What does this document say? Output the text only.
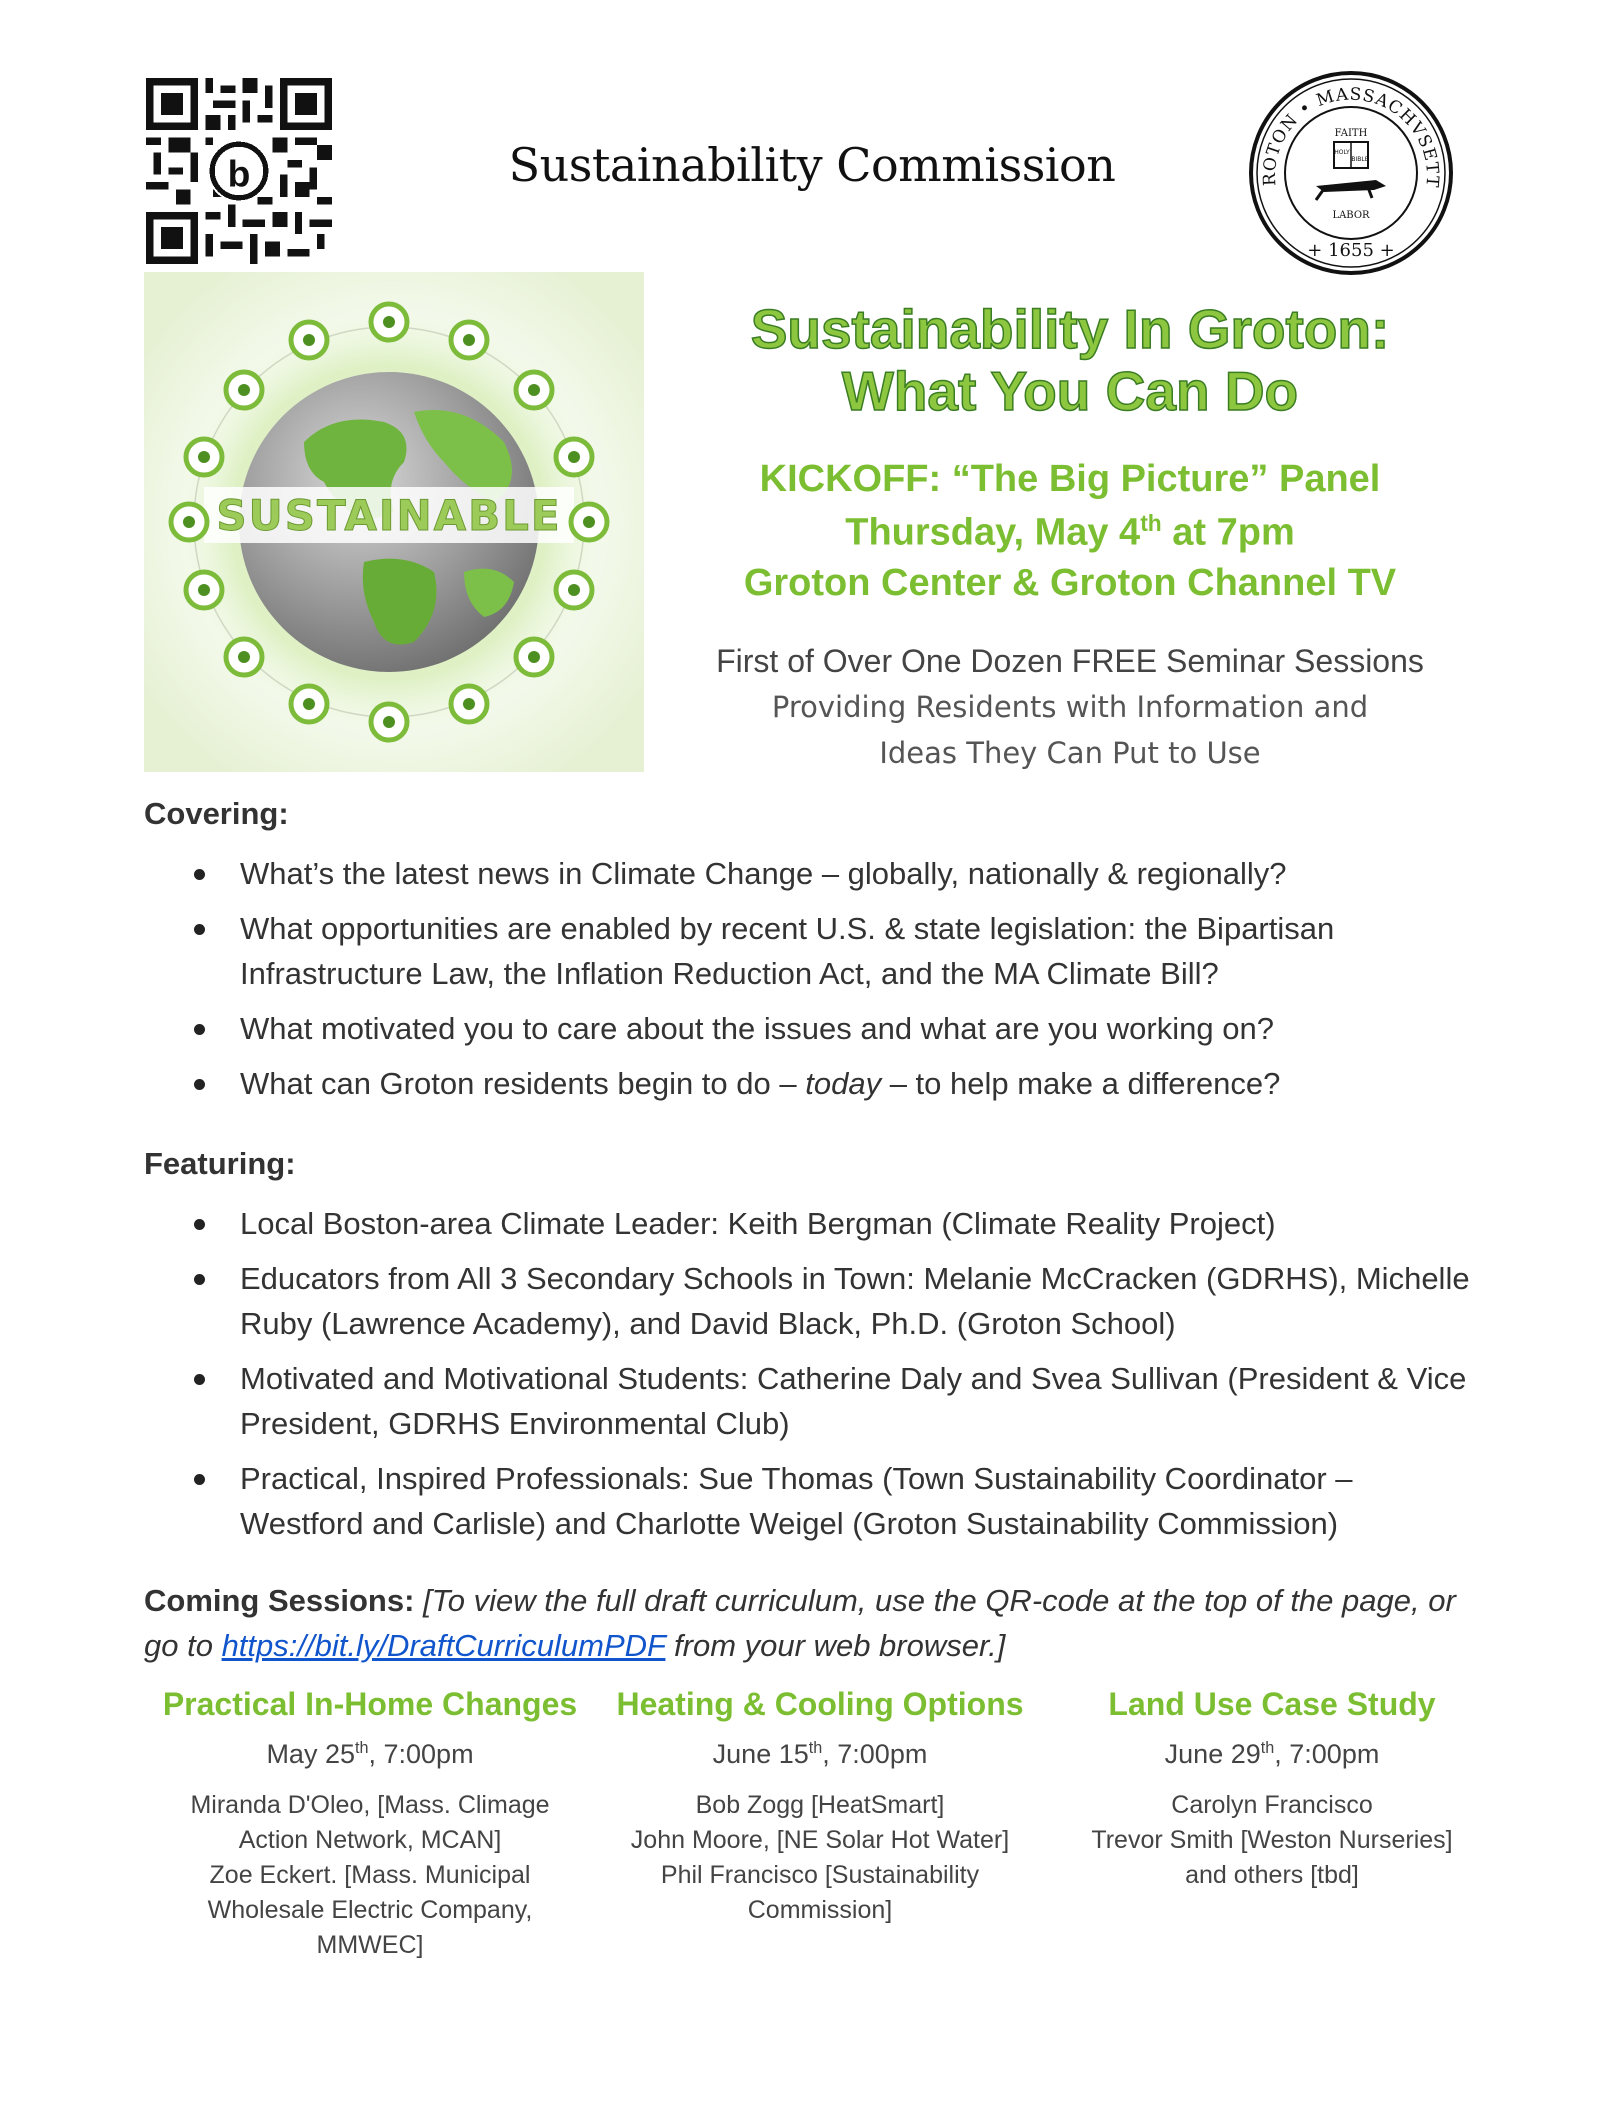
b	Sustainability Commission	ROTON • MASSACHVSETT
FAITH
HOLY
BIBLE
LABOR
+ 1655 +
SUSTAINABLE
Sustainability In Groton:
What You Can Do
KICKOFF: “The Big Picture” Panel
Thursday, May 4th at 7pm
Groton Center & Groton Channel TV
First of Over One Dozen FREE Seminar Sessions
Providing Residents with Information and
Ideas They Can Put to Use
Covering:
What’s the latest news in Climate Change – globally, nationally & regionally?
What opportunities are enabled by recent U.S. & state legislation: the Bipartisan Infrastructure Law, the Inflation Reduction Act, and the MA Climate Bill?
What motivated you to care about the issues and what are you working on?
What can Groton residents begin to do – today – to help make a difference?
Featuring:
Local Boston-area Climate Leader: Keith Bergman (Climate Reality Project)
Educators from All 3 Secondary Schools in Town: Melanie McCracken (GDRHS), Michelle Ruby (Lawrence Academy), and David Black, Ph.D. (Groton School)
Motivated and Motivational Students: Catherine Daly and Svea Sullivan (President & Vice President, GDRHS Environmental Club)
Practical, Inspired Professionals: Sue Thomas (Town Sustainability Coordinator – Westford and Carlisle) and Charlotte Weigel (Groton Sustainability Commission)
Coming Sessions: [To view the full draft curriculum, use the QR-code at the top of the page, or go to https://bit.ly/DraftCurriculumPDF from your web browser.]
Practical In-Home Changes
May 25th, 7:00pm
Miranda D'Oleo, [Mass. Climage
Action Network, MCAN]
Zoe Eckert. [Mass. Municipal
Wholesale Electric Company,
MMWEC]
Heating & Cooling Options
June 15th, 7:00pm
Bob Zogg [HeatSmart]
John Moore, [NE Solar Hot Water]
Phil Francisco [Sustainability
Commission]
Land Use Case Study
June 29th, 7:00pm
Carolyn Francisco
Trevor Smith [Weston Nurseries]
and others [tbd]
